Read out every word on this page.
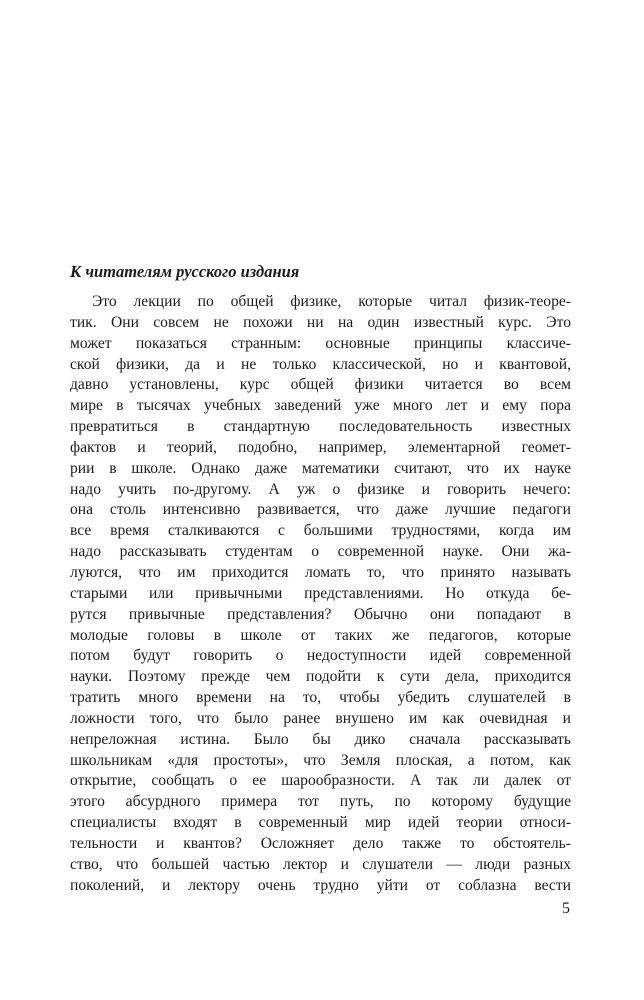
К читателям русского издания
Это лекции по общей физике, которые читал физик-теоре-
тик. Они совсем не похожи ни на один известный курс. Это
может показаться странным: основные принципы классиче-
ской физики, да и не только классической, но и квантовой,
давно установлены, курс общей физики читается во всем
мире в тысячах учебных заведений уже много лет и ему пора
превратиться в стандартную последовательность известных
фактов и теорий, подобно, например, элементарной геомет-
рии в школе. Однако даже математики считают, что их науке
надо учить по-другому. А уж о физике и говорить нечего:
она столь интенсивно развивается, что даже лучшие педагоги
все время сталкиваются с большими трудностями, когда им
надо рассказывать студентам о современной науке. Они жа-
луются, что им приходится ломать то, что принято называть
старыми или привычными представлениями. Но откуда бе-
рутся привычные представления? Обычно они попадают в
молодые головы в школе от таких же педагогов, которые
потом будут говорить о недоступности идей современной
науки. Поэтому прежде чем подойти к сути дела, приходится
тратить много времени на то, чтобы убедить слушателей в
ложности того, что было ранее внушено им как очевидная и
непреложная истина. Было бы дико сначала рассказывать
школьникам «для простоты», что Земля плоская, а потом, как
открытие, сообщать о ее шарообразности. А так ли далек от
этого абсурдного примера тот путь, по которому будущие
специалисты входят в современный мир идей теории относи-
тельности и квантов? Осложняет дело также то обстоятель-
ство, что большей частью лектор и слушатели — люди разных
поколений, и лектору очень трудно уйти от соблазна вести
5
